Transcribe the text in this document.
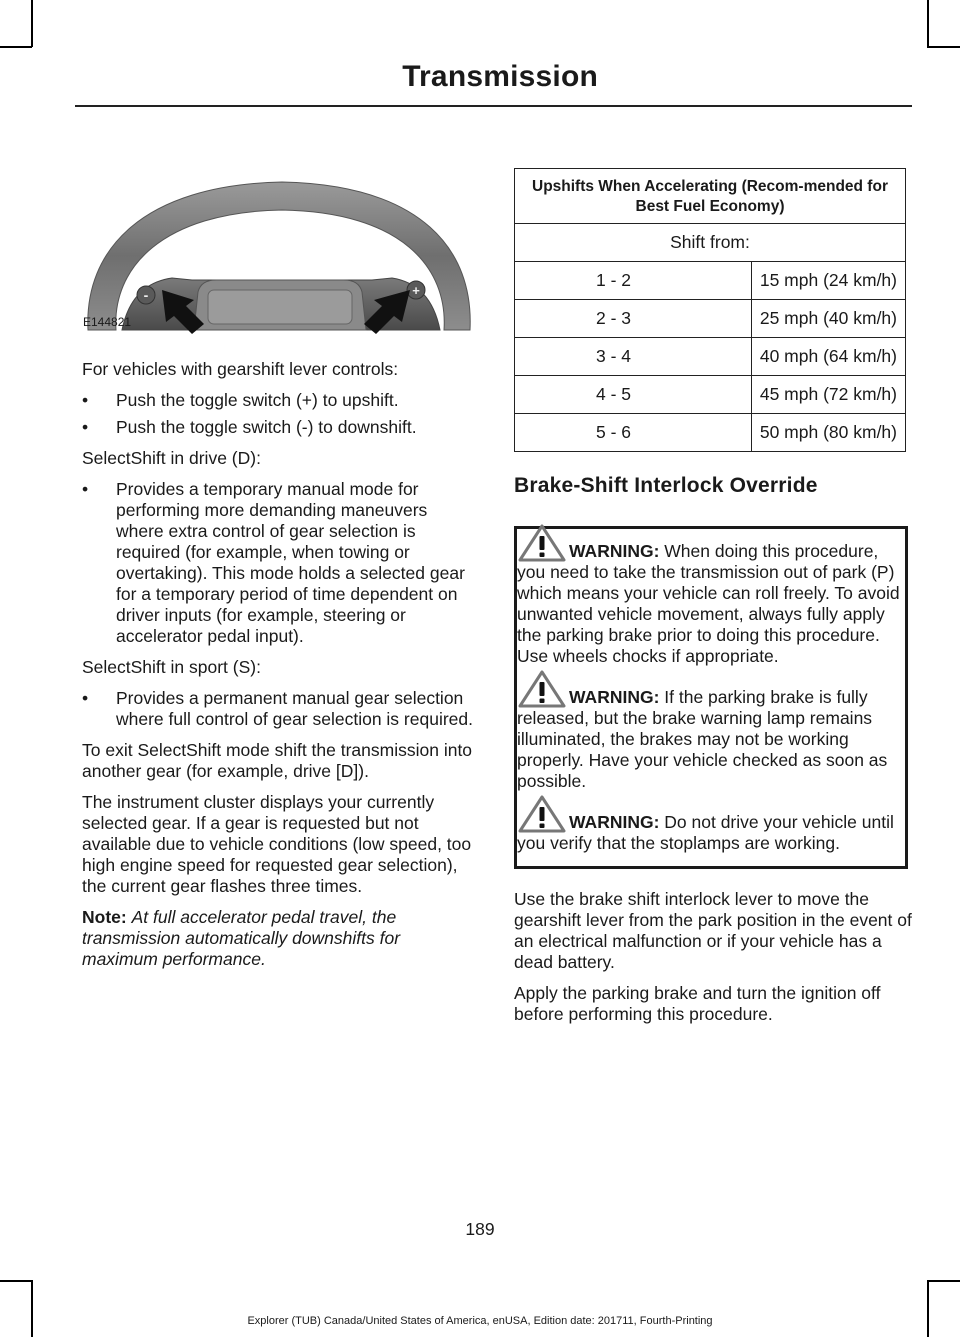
Transmission
-	+
E144821

For vehicles with gearshift lever controls:

• Push the toggle switch (+) to upshift.
• Push the toggle switch (-) to downshift.

SelectShift in drive (D):

• Provides a temporary manual mode for performing more demanding maneuvers where extra control of gear selection is required (for example, when towing or overtaking). This mode holds a selected gear for a temporary period of time dependent on driver inputs (for example, steering or accelerator pedal input).

SelectShift in sport (S):

• Provides a permanent manual gear selection where full control of gear selection is required.

To exit SelectShift mode shift the transmission into another gear (for example, drive [D]).

The instrument cluster displays your currently selected gear. If a gear is requested but not available due to vehicle conditions (low speed, too high engine speed for requested gear selection), the current gear flashes three times.

Note: At full accelerator pedal travel, the transmission automatically downshifts for maximum performance.

Upshifts When Accelerating (Recom-mended for Best Fuel Economy)	
Shift from:	
1 - 2	15 mph (24 km/h)
2 - 3	25 mph (40 km/h)
3 - 4	40 mph (64 km/h)
4 - 5	45 mph (72 km/h)
5 - 6	50 mph (80 km/h)
Brake-Shift Interlock Override

WARNING: When doing this procedure, you need to take the transmission out of park (P) which means your vehicle can roll freely. To avoid unwanted vehicle movement, always fully apply the parking brake prior to doing this procedure. Use wheels chocks if appropriate.

WARNING: If the parking brake is fully released, but the brake warning lamp remains illuminated, the brakes may not be working properly. Have your vehicle checked as soon as possible.

WARNING: Do not drive your vehicle until you verify that the stoplamps are working.

Use the brake shift interlock lever to move the gearshift lever from the park position in the event of an electrical malfunction or if your vehicle has a dead battery.

Apply the parking brake and turn the ignition off before performing this procedure.

189
Explorer (TUB) Canada/United States of America, enUSA, Edition date: 201711, Fourth-Printing
